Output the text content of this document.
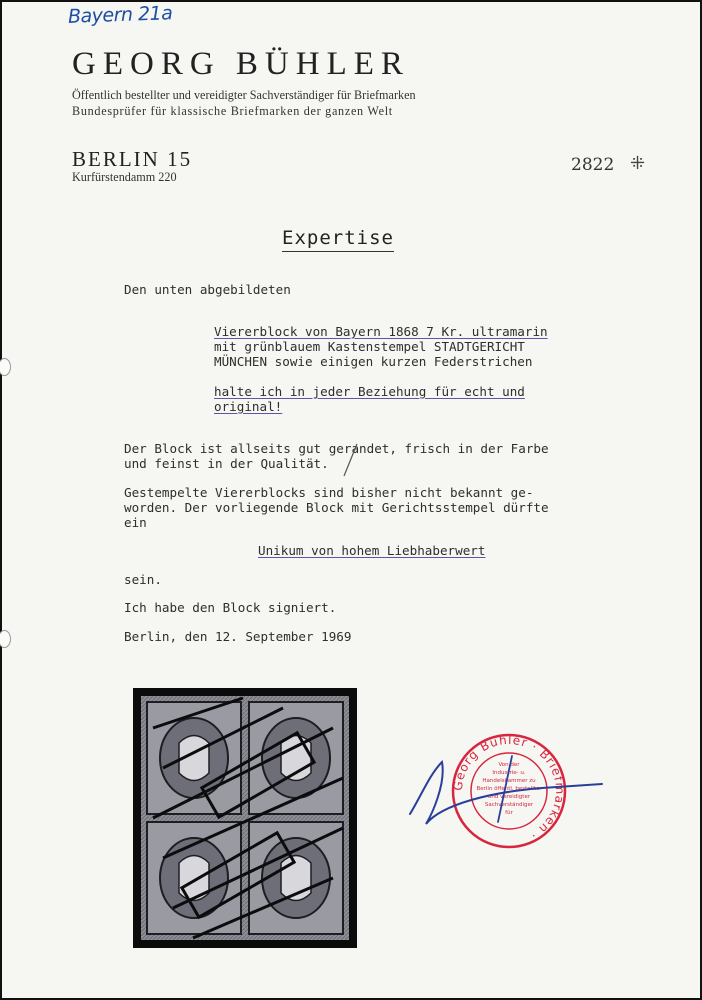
Bayern 21a
GEORG BÜHLER
Öffentlich bestellter und vereidigter Sachverständiger für Briefmarken
Bundesprüfer für klassische Briefmarken der ganzen Welt
BERLIN 15
Kurfürstendamm 220
2822 ⁜
Expertise
Den unten abgebildeten
Viererblock von Bayern 1868 7 Kr. ultramarin
mit grünblauem Kastenstempel STADTGERICHT
MÜNCHEN sowie einigen kurzen Federstrichen
halte ich in jeder Beziehung für echt und
original!
Der Block ist allseits gut gerandet, frisch in der Farbe
und feinst in der Qualität.
Gestempelte Viererblocks sind bisher nicht bekannt ge-
worden. Der vorliegende Block mit Gerichtsstempel dürfte
ein
Unikum von hohem Liebhaberwert
sein.
Ich habe den Block signiert.
Berlin, den 12. September 1969
Georg Bühler · Briefmarken ·
Von der
Industrie- u.
Handelskammer zu
Berlin öffentl. bestellter
und vereidigter
Sachverständiger
für
